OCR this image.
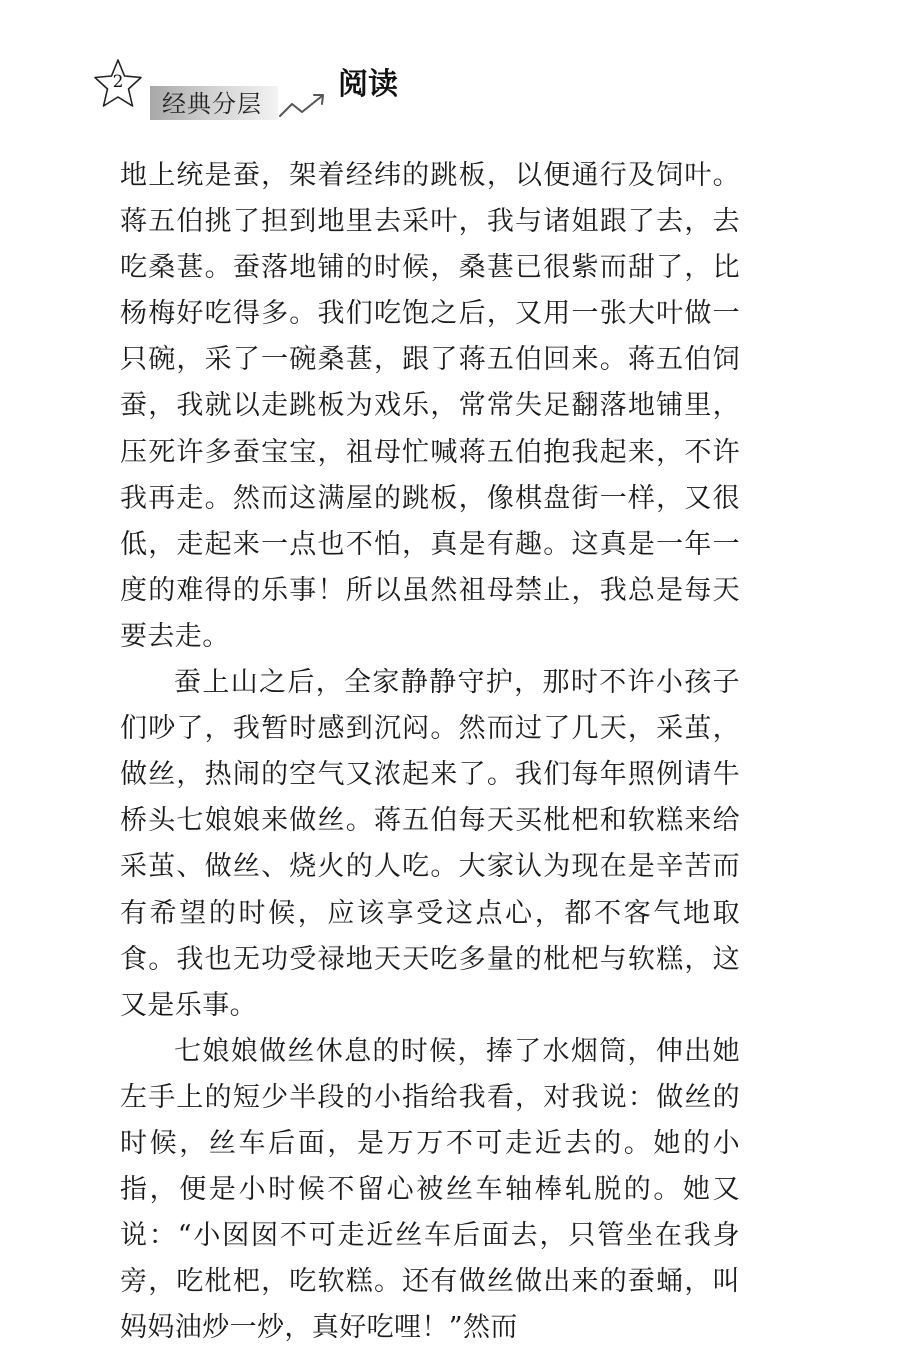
2
经典分层
阅读

地上统是蚕，架着经纬的跳板，以便通行及饲叶。蒋五伯挑了担到地里去采叶，我与诸姐跟了去，去吃桑葚。蚕落地铺的时候，桑葚已很紫而甜了，比杨梅好吃得多。我们吃饱之后，又用一张大叶做一只碗，采了一碗桑葚，跟了蒋五伯回来。蒋五伯饲蚕，我就以走跳板为戏乐，常常失足翻落地铺里，压死许多蚕宝宝，祖母忙喊蒋五伯抱我起来，不许我再走。然而这满屋的跳板，像棋盘街一样，又很低，走起来一点也不怕，真是有趣。这真是一年一度的难得的乐事！所以虽然祖母禁止，我总是每天要去走。

蚕上山之后，全家静静守护，那时不许小孩子们吵了，我暂时感到沉闷。然而过了几天，采茧，做丝，热闹的空气又浓起来了。我们每年照例请牛桥头七娘娘来做丝。蒋五伯每天买枇杷和软糕来给采茧、做丝、烧火的人吃。大家认为现在是辛苦而有希望的时候，应该享受这点心，都不客气地取食。我也无功受禄地天天吃多量的枇杷与软糕，这又是乐事。

七娘娘做丝休息的时候，捧了水烟筒，伸出她左手上的短少半段的小指给我看，对我说：做丝的时候，丝车后面，是万万不可走近去的。她的小指，便是小时候不留心被丝车轴棒轧脱的。她又说：“小囡囡不可走近丝车后面去，只管坐在我身旁，吃枇杷，吃软糕。还有做丝做出来的蚕蛹，叫妈妈油炒一炒，真好吃哩！”然而
